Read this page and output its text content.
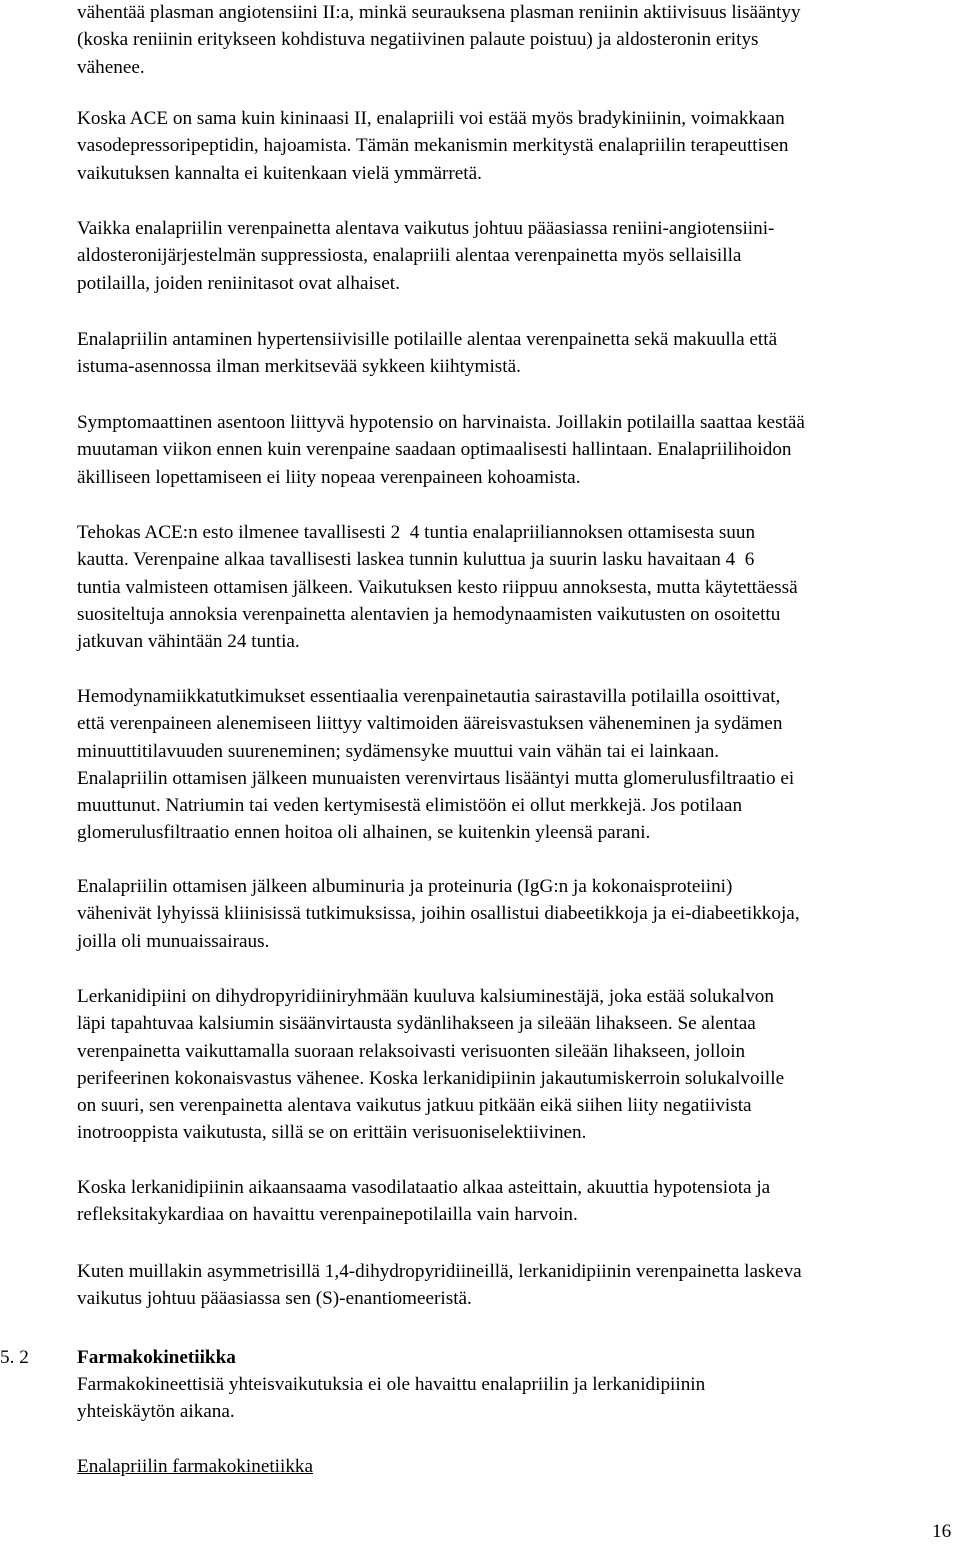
vähentää plasman angiotensiini II:a, minkä seurauksena plasman reniinin aktiivisuus lisääntyy
(koska reniinin eritykseen kohdistuva negatiivinen palaute poistuu) ja aldosteronin eritys
vähenee.

Koska ACE on sama kuin kininaasi II, enalapriili voi estää myös bradykiniinin, voimakkaan
vasodepressoripeptidin, hajoamista. Tämän mekanismin merkitystä enalapriilin terapeuttisen
vaikutuksen kannalta ei kuitenkaan vielä ymmärretä.

Vaikka enalapriilin verenpainetta alentava vaikutus johtuu pääasiassa reniini-angiotensiini-
aldosteronijärjestelmän suppressiosta, enalapriili alentaa verenpainetta myös sellaisilla
potilailla, joiden reniinitasot ovat alhaiset.

Enalapriilin antaminen hypertensiivisille potilaille alentaa verenpainetta sekä makuulla että
istuma-asennossa ilman merkitsevää sykkeen kiihtymistä.

Symptomaattinen asentoon liittyvä hypotensio on harvinaista. Joillakin potilailla saattaa kestää
muutaman viikon ennen kuin verenpaine saadaan optimaalisesti hallintaan. Enalapriilihoidon
äkilliseen lopettamiseen ei liity nopeaa verenpaineen kohoamista.

Tehokas ACE:n esto ilmenee tavallisesti 2 4 tuntia enalapriiliannoksen ottamisesta suun
kautta. Verenpaine alkaa tavallisesti laskea tunnin kuluttua ja suurin lasku havaitaan 4 6
tuntia valmisteen ottamisen jälkeen. Vaikutuksen kesto riippuu annoksesta, mutta käytettäessä
suositeltuja annoksia verenpainetta alentavien ja hemodynaamisten vaikutusten on osoitettu
jatkuvan vähintään 24 tuntia.

Hemodynamiikkatutkimukset essentiaalia verenpainetautia sairastavilla potilailla osoittivat,
että verenpaineen alenemiseen liittyy valtimoiden ääreisvastuksen väheneminen ja sydämen
minuuttitilavuuden suureneminen; sydämensyke muuttui vain vähän tai ei lainkaan.
Enalapriilin ottamisen jälkeen munuaisten verenvirtaus lisääntyi mutta glomerulusfiltraatio ei
muuttunut. Natriumin tai veden kertymisestä elimistöön ei ollut merkkejä. Jos potilaan
glomerulusfiltraatio ennen hoitoa oli alhainen, se kuitenkin yleensä parani.

Enalapriilin ottamisen jälkeen albuminuria ja proteinuria (IgG:n ja kokonaisproteiini)
vähenivät lyhyissä kliinisissä tutkimuksissa, joihin osallistui diabeetikkoja ja ei-diabeetikkoja,
joilla oli munuaissairaus.

Lerkanidipiini on dihydropyridiiniryhmään kuuluva kalsiuminestäjä, joka estää solukalvon
läpi tapahtuvaa kalsiumin sisäänvirtausta sydänlihakseen ja sileään lihakseen. Se alentaa
verenpainetta vaikuttamalla suoraan relaksoivasti verisuonten sileään lihakseen, jolloin
perifeerinen kokonaisvastus vähenee. Koska lerkanidipiinin jakautumiskerroin solukalvoille
on suuri, sen verenpainetta alentava vaikutus jatkuu pitkään eikä siihen liity negatiivista
inotrooppista vaikutusta, sillä se on erittäin verisuoniselektiivinen.

Koska lerkanidipiinin aikaansaama vasodilataatio alkaa asteittain, akuuttia hypotensiota ja
refleksitakykardiaa on havaittu verenpainepotilailla vain harvoin.

Kuten muillakin asymmetrisillä 1,4-dihydropyridiineillä, lerkanidipiinin verenpainetta laskeva
vaikutus johtuu pääasiassa sen (S)-enantiomeeristä.

5. 2	Farmakokinetiikka

Farmakokineettisiä yhteisvaikutuksia ei ole havaittu enalapriilin ja lerkanidipiinin
yhteiskäytön aikana.

Enalapriilin farmakokinetiikka

16
